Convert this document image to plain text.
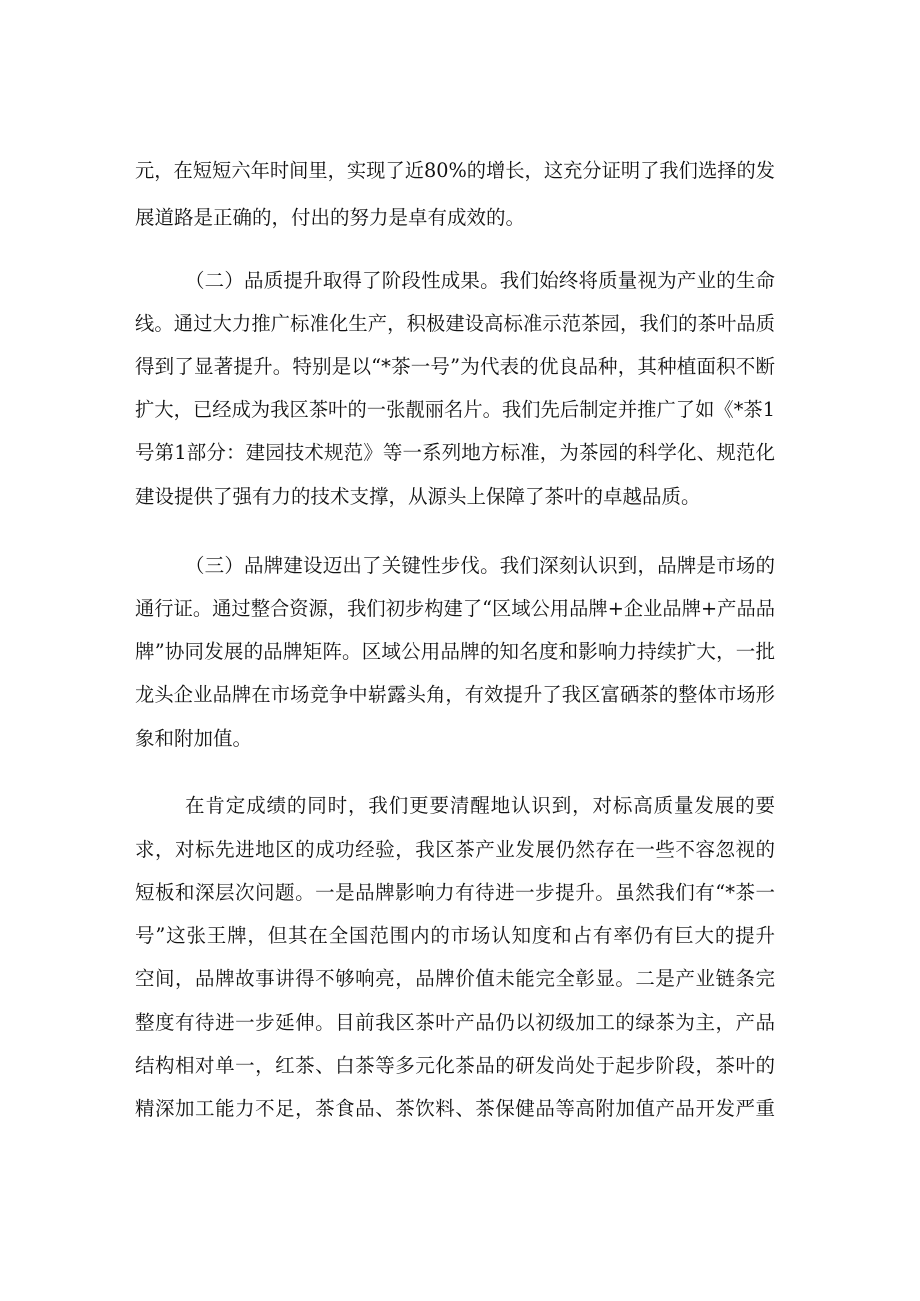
元，在短短六年时间里，实现了近80%的增长，这充分证明了我们选择的发
展道路是正确的，付出的努力是卓有成效的。
（二）品质提升取得了阶段性成果。我们始终将质量视为产业的生命
线。通过大力推广标准化生产，积极建设高标准示范茶园，我们的茶叶品质
得到了显著提升。特别是以“*茶一号”为代表的优良品种，其种植面积不断
扩大，已经成为我区茶叶的一张靓丽名片。我们先后制定并推广了如《*茶1
号第1部分：建园技术规范》等一系列地方标准，为茶园的科学化、规范化
建设提供了强有力的技术支撑，从源头上保障了茶叶的卓越品质。
（三）品牌建设迈出了关键性步伐。我们深刻认识到，品牌是市场的
通行证。通过整合资源，我们初步构建了“区域公用品牌+企业品牌+产品品
牌”协同发展的品牌矩阵。区域公用品牌的知名度和影响力持续扩大，一批
龙头企业品牌在市场竞争中崭露头角，有效提升了我区富硒茶的整体市场形
象和附加值。
在肯定成绩的同时，我们更要清醒地认识到，对标高质量发展的要
求，对标先进地区的成功经验，我区茶产业发展仍然存在一些不容忽视的
短板和深层次问题。一是品牌影响力有待进一步提升。虽然我们有“*茶一
号”这张王牌，但其在全国范围内的市场认知度和占有率仍有巨大的提升
空间，品牌故事讲得不够响亮，品牌价值未能完全彰显。二是产业链条完
整度有待进一步延伸。目前我区茶叶产品仍以初级加工的绿茶为主，产品
结构相对单一，红茶、白茶等多元化茶品的研发尚处于起步阶段，茶叶的
精深加工能力不足，茶食品、茶饮料、茶保健品等高附加值产品开发严重
